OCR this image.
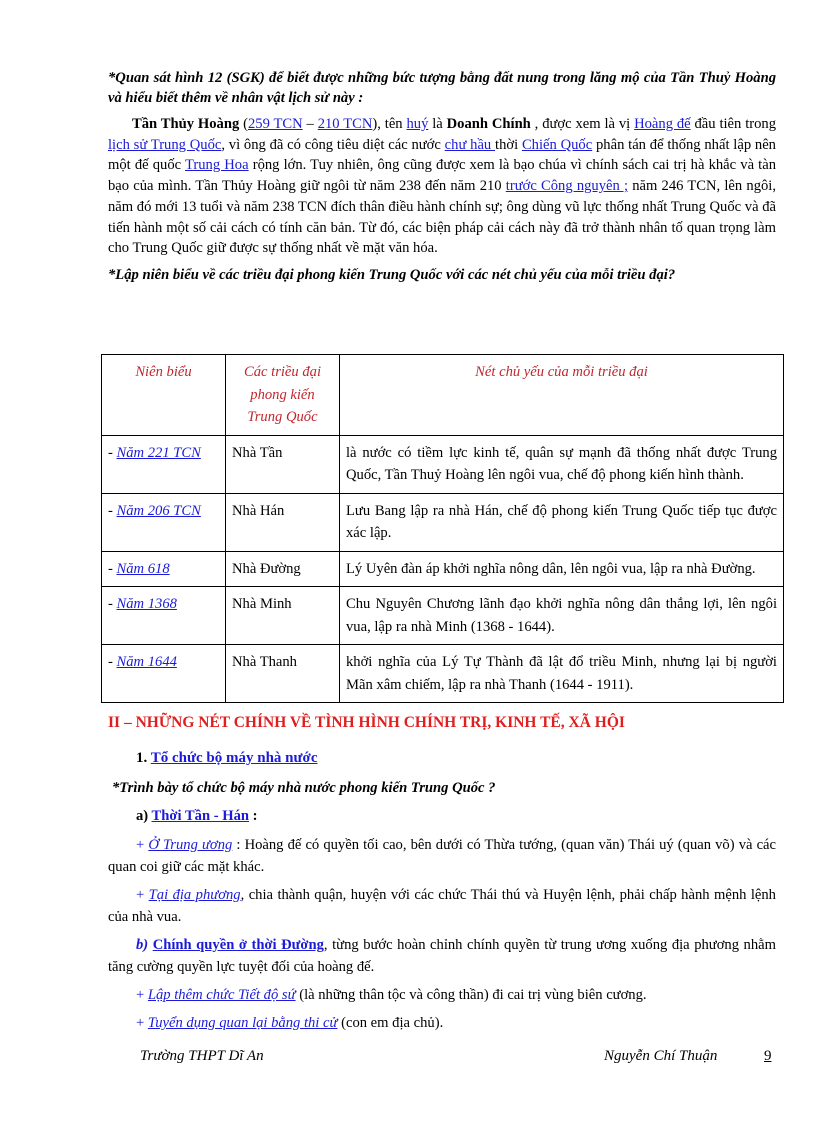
*Quan sát hình 12 (SGK) để biết được những bức tượng bằng đất nung trong lăng mộ của Tần Thuỷ Hoàng và hiểu biết thêm về nhân vật lịch sử này :

Tần Thủy Hoàng (259 TCN – 210 TCN), tên huý là Doanh Chính , được xem là vị Hoàng đế đầu tiên trong lịch sử Trung Quốc, vì ông đã có công tiêu diệt các nước chư hầu thời Chiến Quốc phân tán để thống nhất lập nên một đế quốc Trung Hoa rộng lớn. Tuy nhiên, ông cũng được xem là bạo chúa vì chính sách cai trị hà khắc và tàn bạo của mình. Tần Thủy Hoàng giữ ngôi từ năm 238 đến năm 210 trước Công nguyên ; năm 246 TCN, lên ngôi, năm đó mới 13 tuổi và năm 238 TCN đích thân điều hành chính sự; ông dùng vũ lực thống nhất Trung Quốc và đã tiến hành một số cải cách có tính căn bản. Từ đó, các biện pháp cải cách này đã trở thành nhân tố quan trọng làm cho Trung Quốc giữ được sự thống nhất về mặt văn hóa.

*Lập niên biểu về các triều đại phong kiến Trung Quốc với các nét chủ yếu của mỗi triều đại?

Niên biểu	Các triều đại phong kiến Trung Quốc	Nét chủ yếu của mỗi triều đại
- Năm 221 TCN	Nhà Tần	là nước có tiềm lực kinh tế, quân sự mạnh đã thống nhất được Trung Quốc, Tần Thuỷ Hoàng lên ngôi vua, chế độ phong kiến hình thành.
- Năm 206 TCN	Nhà Hán	Lưu Bang lập ra nhà Hán, chế độ phong kiến Trung Quốc tiếp tục được xác lập.
- Năm 618	Nhà Đường	Lý Uyên đàn áp khởi nghĩa nông dân, lên ngôi vua, lập ra nhà Đường.
- Năm 1368	Nhà Minh	Chu Nguyên Chương lãnh đạo khởi nghĩa nông dân thắng lợi, lên ngôi vua, lập ra nhà Minh (1368 - 1644).
- Năm 1644	Nhà Thanh	khởi nghĩa của Lý Tự Thành đã lật đổ triều Minh, nhưng lại bị người Mãn xâm chiếm, lập ra nhà Thanh (1644 - 1911).

II – NHỮNG NÉT CHÍNH VỀ TÌNH HÌNH CHÍNH TRỊ, KINH TẾ, XÃ HỘI

1. Tổ chức bộ máy nhà nước

*Trình bày tổ chức bộ máy nhà nước phong kiến Trung Quốc ?

a) Thời Tần - Hán :

+ Ở Trung ương : Hoàng đế có quyền tối cao, bên dưới có Thừa tướng, (quan văn) Thái uý (quan võ) và các quan coi giữ các mặt khác.

+ Tại địa phương, chia thành quận, huyện với các chức Thái thú và Huyện lệnh, phải chấp hành mệnh lệnh của nhà vua.

b) Chính quyền ở thời Đường, từng bước hoàn chỉnh chính quyền từ trung ương xuống địa phương nhằm tăng cường quyền lực tuyệt đối của hoàng đế.

+ Lập thêm chức Tiết độ sứ (là những thân tộc và công thần) đi cai trị vùng biên cương.

+ Tuyển dụng quan lại bằng thi cử (con em địa chủ).

Trường THPT Dĩ An	Nguyễn Chí Thuận	9
